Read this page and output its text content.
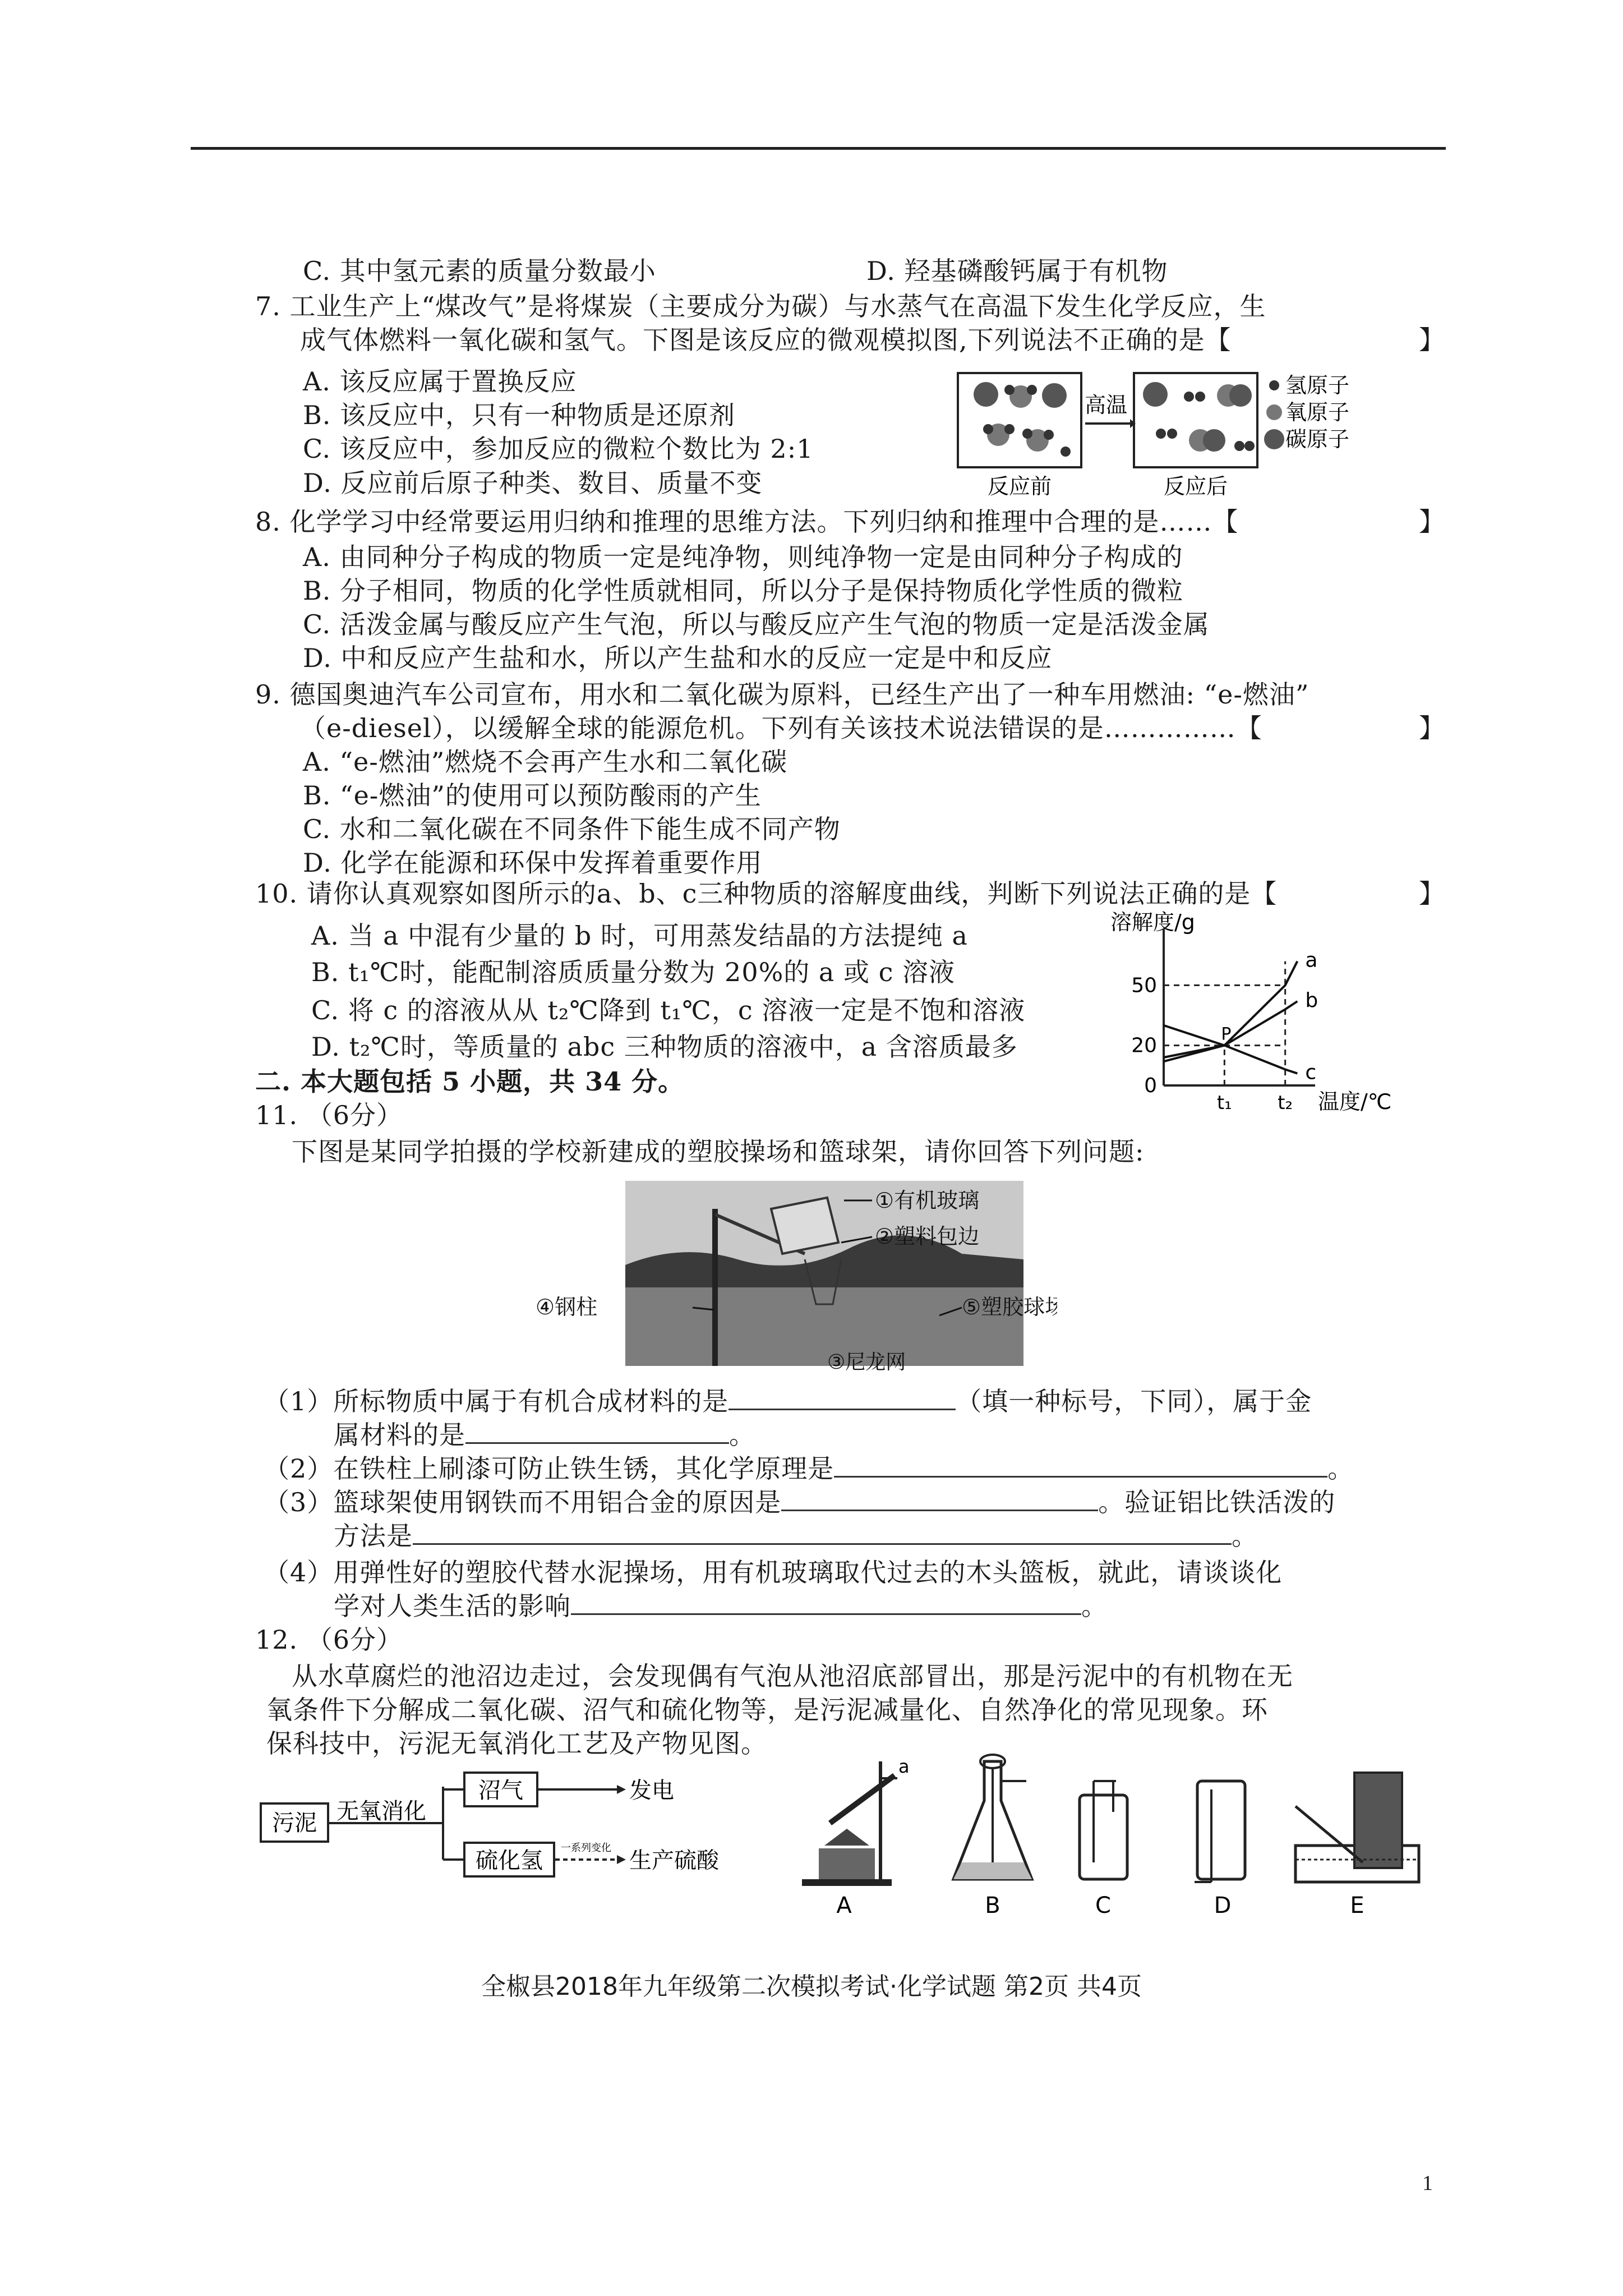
C. 其中氢元素的质量分数最小	D. 羟基磷酸钙属于有机物
7. 工业生产上“煤改气”是将煤炭（主要成分为碳）与水蒸气在高温下发生化学反应，生
成气体燃料一氧化碳和氢气。下图是该反应的微观模拟图,下列说法不正确的是【	】
A. 该反应属于置换反应
B. 该反应中，只有一种物质是还原剂
C. 该反应中，参加反应的微粒个数比为 2:1
D. 反应前后原子种类、数目、质量不变
高温
氢原子
氧原子
碳原子
反应前	反应后
8. 化学学习中经常要运用归纳和推理的思维方法。下列归纳和推理中合理的是……【	】
A. 由同种分子构成的物质一定是纯净物，则纯净物一定是由同种分子构成的
B. 分子相同，物质的化学性质就相同，所以分子是保持物质化学性质的微粒
C. 活泼金属与酸反应产生气泡，所以与酸反应产生气泡的物质一定是活泼金属
D. 中和反应产生盐和水，所以产生盐和水的反应一定是中和反应
9. 德国奥迪汽车公司宣布，用水和二氧化碳为原料，已经生产出了一种车用燃油: “e-燃油”
（e-diesel），以缓解全球的能源危机。下列有关该技术说法错误的是……………【	】
A. “e-燃油”燃烧不会再产生水和二氧化碳
B. “e-燃油”的使用可以预防酸雨的产生
C. 水和二氧化碳在不同条件下能生成不同产物
D. 化学在能源和环保中发挥着重要作用
10. 请你认真观察如图所示的a、b、c三种物质的溶解度曲线，判断下列说法正确的是【	】
A. 当 a 中混有少量的 b 时，可用蒸发结晶的方法提纯 a
B. t₁℃时，能配制溶质质量分数为 20%的 a 或 c 溶液
C. 将 c 的溶液从从 t₂℃降到 t₁℃，c 溶液一定是不饱和溶液
D. t₂℃时，等质量的 abc 三种物质的溶液中，a 含溶质最多
溶解度/g
温度/℃
0
20
50
t₁ t₂
a
b
c
P
二. 本大题包括 5 小题，共 34 分。
11. （6分）
下图是某同学拍摄的学校新建成的塑胶操场和篮球架，请你回答下列问题:
①有机玻璃
②塑料包边
③尼龙网
④钢柱	⑤塑胶球场
（1）所标物质中属于有机合成材料的是	（填一种标号，下同），属于金
属材料的是	。
（2）在铁柱上刷漆可防止铁生锈，其化学原理是	。
（3）篮球架使用钢铁而不用铝合金的原因是	。验证铝比铁活泼的
方法是	。
（4）用弹性好的塑胶代替水泥操场，用有机玻璃取代过去的木头篮板，就此，请谈谈化
学对人类生活的影响	。
12. （6分）
从水草腐烂的池沼边走过，会发现偶有气泡从池沼底部冒出，那是污泥中的有机物在无
氧条件下分解成二氧化碳、沼气和硫化物等，是污泥减量化、自然净化的常见现象。环
保科技中，污泥无氧消化工艺及产物见图。
污泥 无氧消化
沼气	发电
硫化氢 一系列变化 生产硫酸
a
A	B	C	D	E
全椒县2018年九年级第二次模拟考试·化学试题 第2页 共4页
1
